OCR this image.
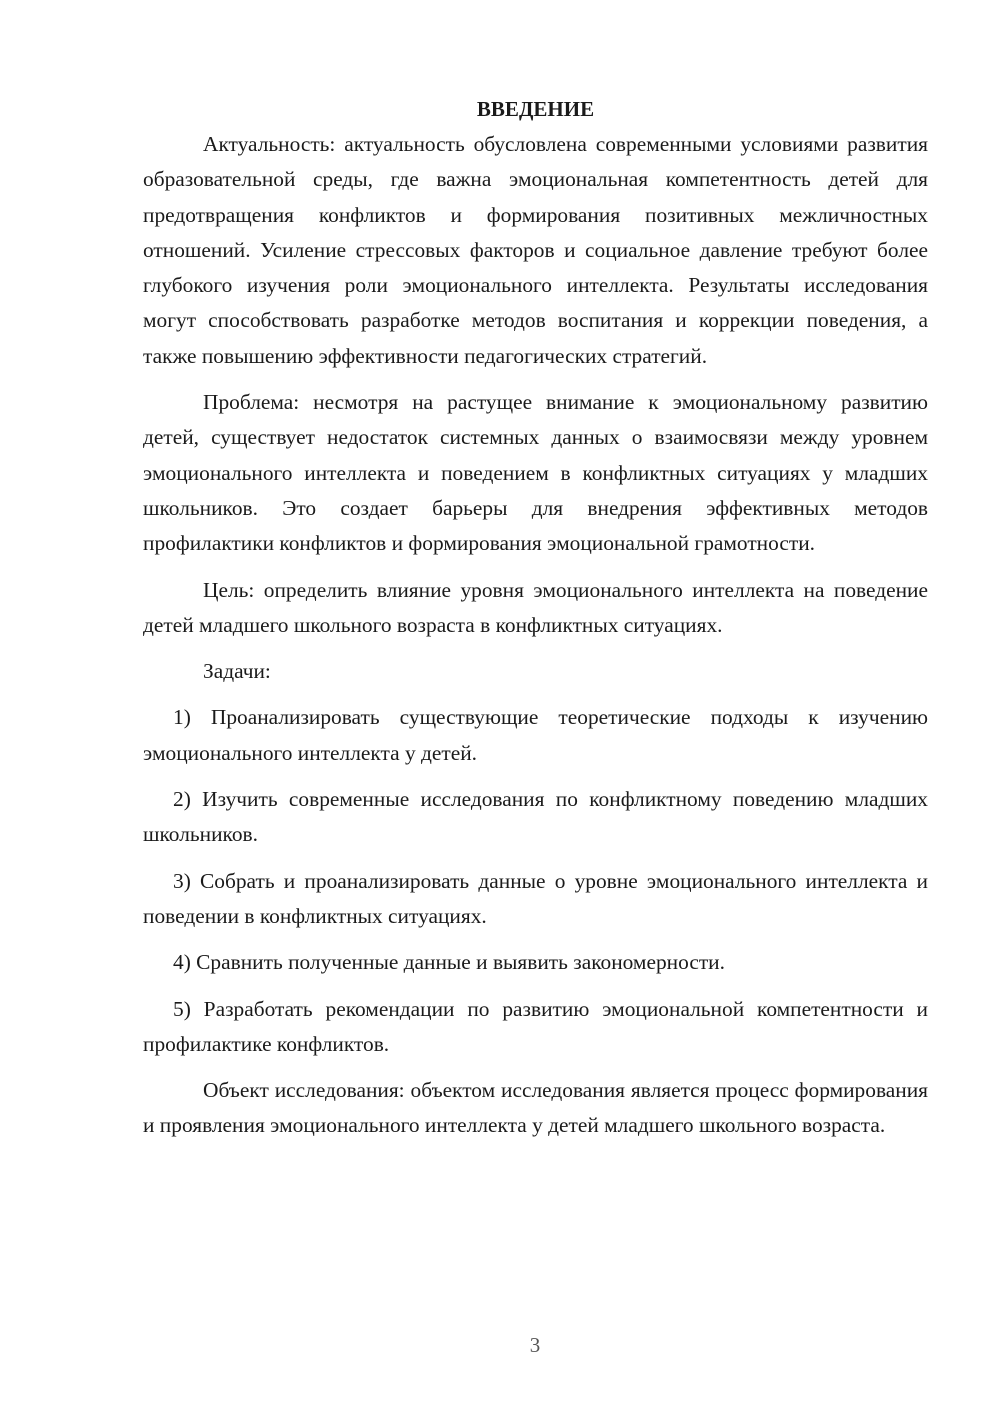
ВВЕДЕНИЕ

Актуальность: актуальность обусловлена современными условиями развития образовательной среды, где важна эмоциональная компетентность детей для предотвращения конфликтов и формирования позитивных межличностных отношений. Усиление стрессовых факторов и социальное давление требуют более глубокого изучения роли эмоционального интеллекта. Результаты исследования могут способствовать разработке методов воспитания и коррекции поведения, а также повышению эффективности педагогических стратегий.

Проблема: несмотря на растущее внимание к эмоциональному развитию детей, существует недостаток системных данных о взаимосвязи между уровнем эмоционального интеллекта и поведением в конфликтных ситуациях у младших школьников. Это создает барьеры для внедрения эффективных методов профилактики конфликтов и формирования эмоциональной грамотности.

Цель: определить влияние уровня эмоционального интеллекта на поведение детей младшего школьного возраста в конфликтных ситуациях.

Задачи:

1) Проанализировать существующие теоретические подходы к изучению эмоционального интеллекта у детей.

2) Изучить современные исследования по конфликтному поведению младших школьников.

3) Собрать и проанализировать данные о уровне эмоционального интеллекта и поведении в конфликтных ситуациях.

4) Сравнить полученные данные и выявить закономерности.

5) Разработать рекомендации по развитию эмоциональной компетентности и профилактике конфликтов.

Объект исследования: объектом исследования является процесс формирования и проявления эмоционального интеллекта у детей младшего школьного возраста.

3
